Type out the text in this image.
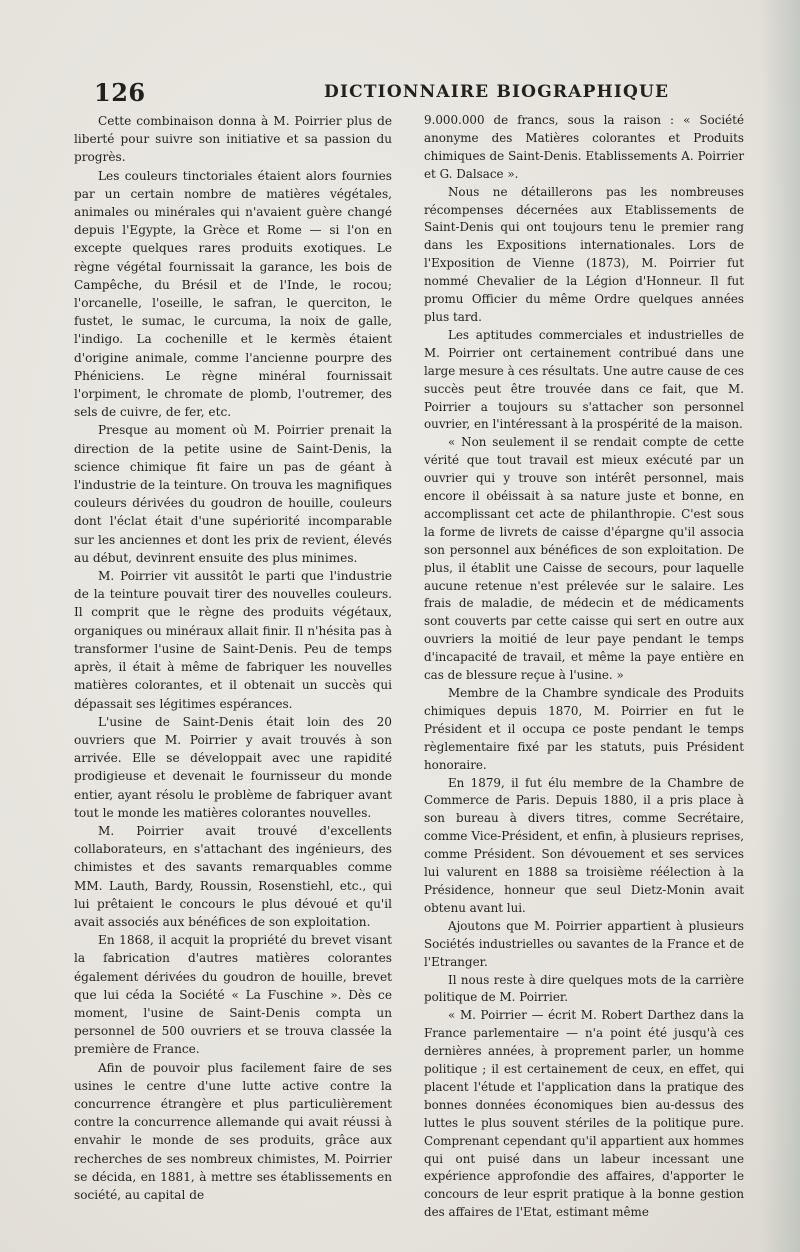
126	DICTIONNAIRE BIOGRAPHIQUE

Cette combinaison donna à M. Poirrier plus de liberté pour suivre son initiative et sa passion du progrès.

Les couleurs tinctoriales étaient alors fournies par un certain nombre de matières végétales, animales ou minérales qui n'avaient guère changé depuis l'Egypte, la Grèce et Rome — si l'on en excepte quelques rares produits exotiques. Le règne végétal fournissait la garance, les bois de Campêche, du Brésil et de l'Inde, le rocou; l'orcanelle, l'oseille, le safran, le querciton, le fustet, le sumac, le curcuma, la noix de galle, l'indigo. La cochenille et le kermès étaient d'origine animale, comme l'ancienne pourpre des Phéniciens. Le règne minéral fournissait l'orpiment, le chromate de plomb, l'outremer, des sels de cuivre, de fer, etc.

Presque au moment où M. Poirrier prenait la direction de la petite usine de Saint-Denis, la science chimique fit faire un pas de géant à l'industrie de la teinture. On trouva les magnifiques couleurs dérivées du goudron de houille, couleurs dont l'éclat était d'une supériorité incomparable sur les anciennes et dont les prix de revient, élevés au début, devinrent ensuite des plus minimes.

M. Poirrier vit aussitôt le parti que l'industrie de la teinture pouvait tirer des nouvelles couleurs. Il comprit que le règne des produits végétaux, organiques ou minéraux allait finir. Il n'hésita pas à transformer l'usine de Saint-Denis. Peu de temps après, il était à même de fabriquer les nouvelles matières colorantes, et il obtenait un succès qui dépassait ses légitimes espérances.

L'usine de Saint-Denis était loin des 20 ouvriers que M. Poirrier y avait trouvés à son arrivée. Elle se développait avec une rapidité prodigieuse et devenait le fournisseur du monde entier, ayant résolu le problème de fabriquer avant tout le monde les matières colorantes nouvelles.

M. Poirrier avait trouvé d'excellents collaborateurs, en s'attachant des ingénieurs, des chimistes et des savants remarquables comme MM. Lauth, Bardy, Roussin, Rosenstiehl, etc., qui lui prêtaient le concours le plus dévoué et qu'il avait associés aux bénéfices de son exploitation.

En 1868, il acquit la propriété du brevet visant la fabrication d'autres matières colorantes également dérivées du goudron de houille, brevet que lui céda la Société « La Fuschine ». Dès ce moment, l'usine de Saint-Denis compta un personnel de 500 ouvriers et se trouva classée la première de France.

Afin de pouvoir plus facilement faire de ses usines le centre d'une lutte active contre la concurrence étrangère et plus particulièrement contre la concurrence allemande qui avait réussi à envahir le monde de ses produits, grâce aux recherches de ses nombreux chimistes, M. Poirrier se décida, en 1881, à mettre ses établissements en société, au capital de

9.000.000 de francs, sous la raison : « Société anonyme des Matières colorantes et Produits chimiques de Saint-Denis. Etablissements A. Poirrier et G. Dalsace ».

Nous ne détaillerons pas les nombreuses récompenses décernées aux Etablissements de Saint-Denis qui ont toujours tenu le premier rang dans les Expositions internationales. Lors de l'Exposition de Vienne (1873), M. Poirrier fut nommé Chevalier de la Légion d'Honneur. Il fut promu Officier du même Ordre quelques années plus tard.

Les aptitudes commerciales et industrielles de M. Poirrier ont certainement contribué dans une large mesure à ces résultats. Une autre cause de ces succès peut être trouvée dans ce fait, que M. Poirrier a toujours su s'attacher son personnel ouvrier, en l'intéressant à la prospérité de la maison.

« Non seulement il se rendait compte de cette vérité que tout travail est mieux exécuté par un ouvrier qui y trouve son intérêt personnel, mais encore il obéissait à sa nature juste et bonne, en accomplissant cet acte de philanthropie. C'est sous la forme de livrets de caisse d'épargne qu'il associa son personnel aux bénéfices de son exploitation. De plus, il établit une Caisse de secours, pour laquelle aucune retenue n'est prélevée sur le salaire. Les frais de maladie, de médecin et de médicaments sont couverts par cette caisse qui sert en outre aux ouvriers la moitié de leur paye pendant le temps d'incapacité de travail, et même la paye entière en cas de blessure reçue à l'usine. »

Membre de la Chambre syndicale des Produits chimiques depuis 1870, M. Poirrier en fut le Président et il occupa ce poste pendant le temps règlementaire fixé par les statuts, puis Président honoraire.

En 1879, il fut élu membre de la Chambre de Commerce de Paris. Depuis 1880, il a pris place à son bureau à divers titres, comme Secrétaire, comme Vice-Président, et enfin, à plusieurs reprises, comme Président. Son dévouement et ses services lui valurent en 1888 sa troisième réélection à la Présidence, honneur que seul Dietz-Monin avait obtenu avant lui.

Ajoutons que M. Poirrier appartient à plusieurs Sociétés industrielles ou savantes de la France et de l'Etranger.

Il nous reste à dire quelques mots de la carrière politique de M. Poirrier.

« M. Poirrier — écrit M. Robert Darthez dans la France parlementaire — n'a point été jusqu'à ces dernières années, à proprement parler, un homme politique ; il est certainement de ceux, en effet, qui placent l'étude et l'application dans la pratique des bonnes données économiques bien au-dessus des luttes le plus souvent stériles de la politique pure. Comprenant cependant qu'il appartient aux hommes qui ont puisé dans un labeur incessant une expérience approfondie des affaires, d'apporter le concours de leur esprit pratique à la bonne gestion des affaires de l'Etat, estimant même
